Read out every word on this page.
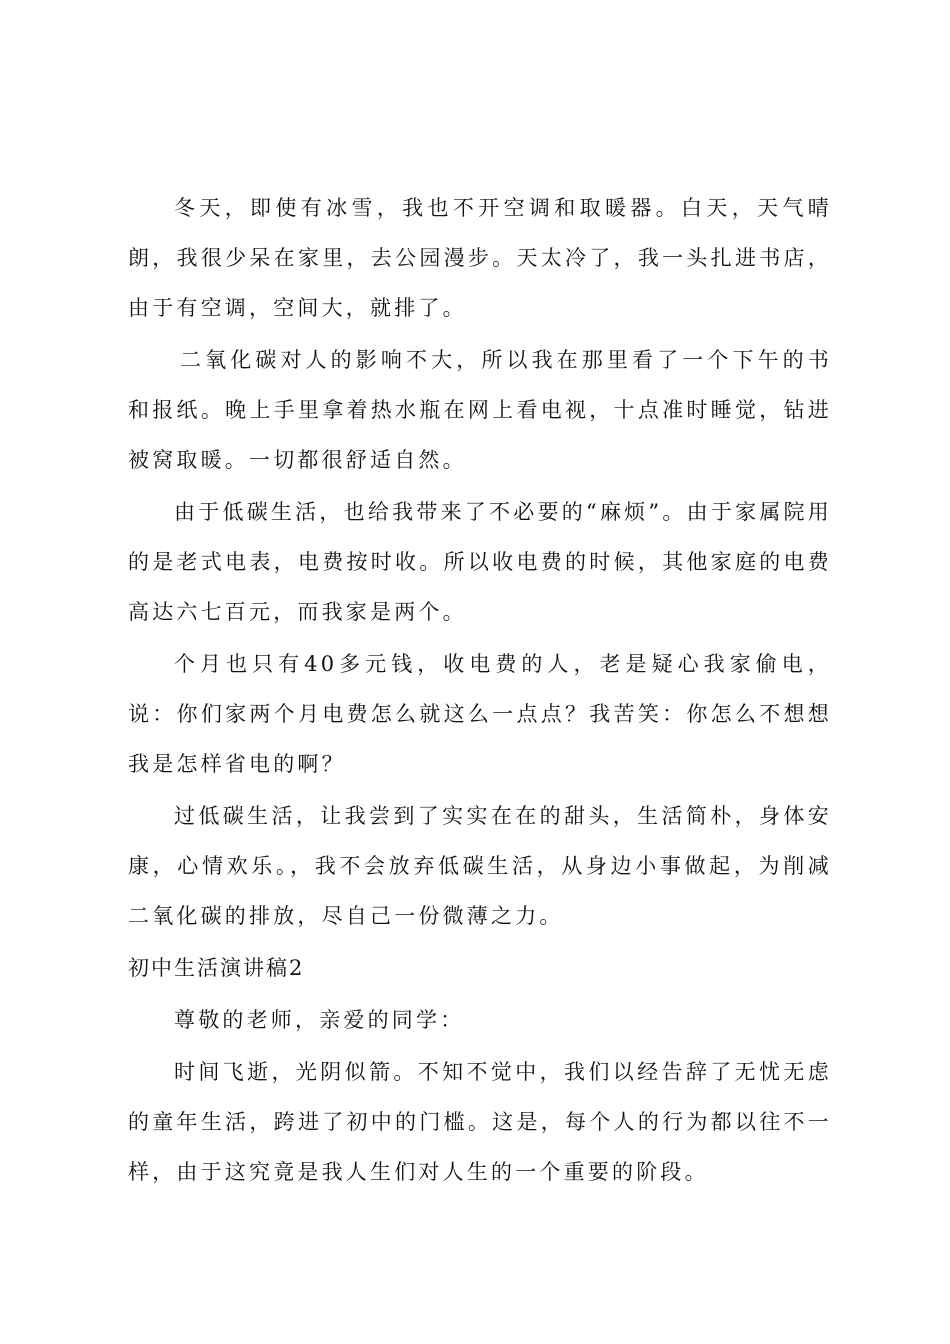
冬天，即使有冰雪，我也不开空调和取暖器。白天，天气晴朗，我很少呆在家里，去公园漫步。天太冷了，我一头扎进书店，由于有空调，空间大，就排了。

二氧化碳对人的影响不大，所以我在那里看了一个下午的书和报纸。晚上手里拿着热水瓶在网上看电视，十点准时睡觉，钻进被窝取暖。一切都很舒适自然。

由于低碳生活，也给我带来了不必要的“麻烦”。由于家属院用的是老式电表，电费按时收。所以收电费的时候，其他家庭的电费高达六七百元，而我家是两个。

个月也只有40多元钱，收电费的人，老是疑心我家偷电，说：你们家两个月电费怎么就这么一点点？我苦笑：你怎么不想想我是怎样省电的啊？

过低碳生活，让我尝到了实实在在的甜头，生活简朴，身体安康，心情欢乐。，我不会放弃低碳生活，从身边小事做起，为削减二氧化碳的排放，尽自己一份微薄之力。

初中生活演讲稿2

尊敬的老师，亲爱的同学：

时间飞逝，光阴似箭。不知不觉中，我们以经告辞了无忧无虑的童年生活，跨进了初中的门槛。这是，每个人的行为都以往不一样，由于这究竟是我人生们对人生的一个重要的阶段。
